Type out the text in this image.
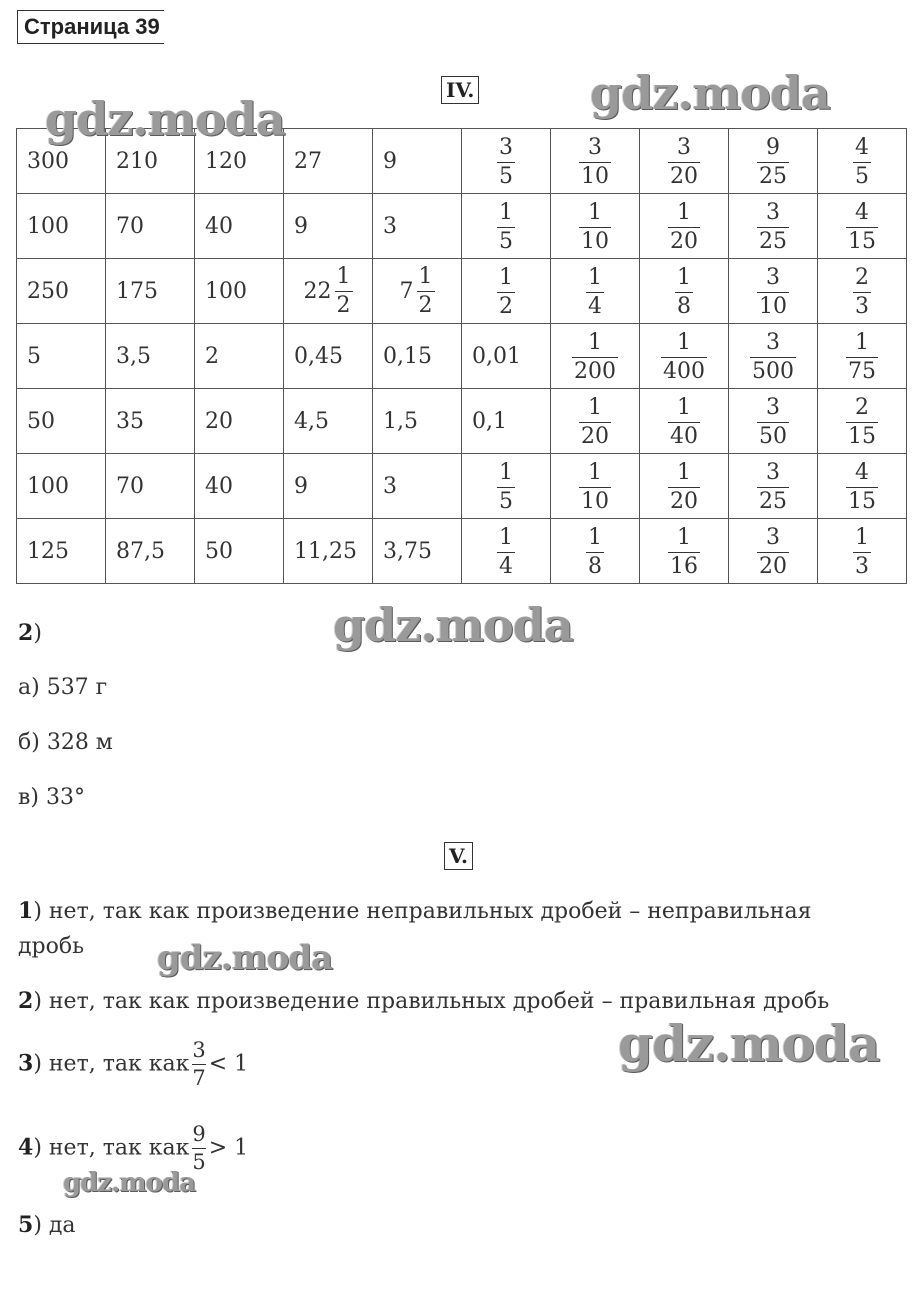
Страница 39
IV.
300	210	120	27	9	$\frac{3}{5}$	$\frac{3}{10}$	$\frac{3}{20}$	$\frac{9}{25}$	$\frac{4}{5}$

100	70	40	9	3	$\frac{1}{5}$	$\frac{1}{10}$	$\frac{1}{20}$	$\frac{3}{25}$	$\frac{4}{15}$

250	175	100	$22 \frac{1}{2}$	$7 \frac{1}{2}$	$\frac{1}{2}$	$\frac{1}{4}$	$\frac{1}{8}$	$\frac{3}{10}$	$\frac{2}{3}$

5	3,5	2	0,45	0,15	0,01	$\frac{1}{200}$	$\frac{1}{400}$	$\frac{3}{500}$	$\frac{1}{75}$

50	35	20	4,5	1,5	0,1	$\frac{1}{20}$	$\frac{1}{40}$	$\frac{3}{50}$	$\frac{2}{15}$

100	70	40	9	3	$\frac{1}{5}$	$\frac{1}{10}$	$\frac{1}{20}$	$\frac{3}{25}$	$\frac{4}{15}$

125	87,5	50	11,25	3,75	$\frac{1}{4}$	$\frac{1}{8}$	$\frac{1}{16}$	$\frac{3}{20}$	$\frac{1}{3}$
2)
а) 537 г
б) 328 м
в) 33°
V.
1) нет, так как произведение неправильных дробей – неправильная
дробь
2) нет, так как произведение правильных дробей – правильная дробь
3) нет, так как $\frac{3}{7} < 1$
4) нет, так как $\frac{9}{5} > 1$
5) да
gdz.moda	gdz.moda
gdz.moda
gdz.moda
gdz.moda
gdz.moda
